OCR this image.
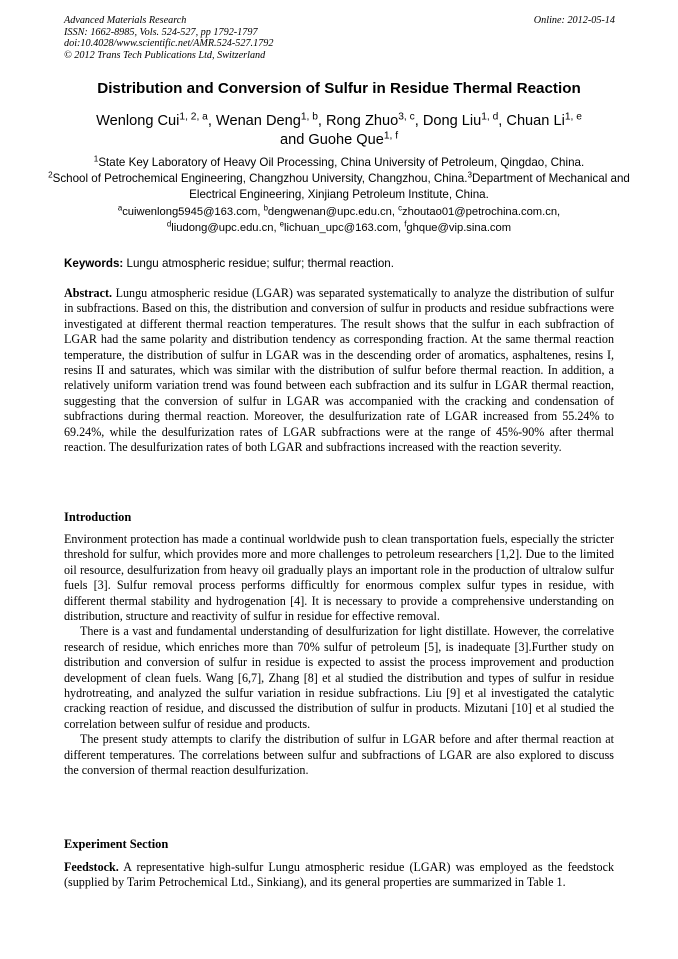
Advanced Materials Research
ISSN: 1662-8985, Vols. 524-527, pp 1792-1797
doi:10.4028/www.scientific.net/AMR.524-527.1792
© 2012 Trans Tech Publications Ltd, Switzerland
Online: 2012-05-14
Distribution and Conversion of Sulfur in Residue Thermal Reaction
Wenlong Cui$^{1, 2, a}$, Wenan Deng$^{1, b}$, Rong Zhuo$^{3, c}$, Dong Liu$^{1, d}$, Chuan Li$^{1, e}$
and Guohe Que$^{1, f}$
$^1$State Key Laboratory of Heavy Oil Processing, China University of Petroleum, Qingdao, China.
$^2$School of Petrochemical Engineering, Changzhou University, Changzhou, China.$^3$Department of Mechanical and Electrical Engineering, Xinjiang Petroleum Institute, China.
$^a$cuiwenlong5945@163.com, $^b$dengwenan@upc.edu.cn, $^c$zhoutao01@petrochina.com.cn,
$^d$liudong@upc.edu.cn, $^e$lichuan_upc@163.com, $^f$ghque@vip.sina.com
Keywords: Lungu atmospheric residue; sulfur; thermal reaction.
Abstract. Lungu atmospheric residue (LGAR) was separated systematically to analyze the distribution of sulfur in subfractions. Based on this, the distribution and conversion of sulfur in products and residue subfractions were investigated at different thermal reaction temperatures. The result shows that the sulfur in each subfraction of LGAR had the same polarity and distribution tendency as corresponding fraction. At the same thermal reaction temperature, the distribution of sulfur in LGAR was in the descending order of aromatics, asphaltenes, resins I, resins II and saturates, which was similar with the distribution of sulfur before thermal reaction. In addition, a relatively uniform variation trend was found between each subfraction and its sulfur in LGAR thermal reaction, suggesting that the conversion of sulfur in LGAR was accompanied with the cracking and condensation of subfractions during thermal reaction. Moreover, the desulfurization rate of LGAR increased from 55.24% to 69.24%, while the desulfurization rates of LGAR subfractions were at the range of 45%-90% after thermal reaction. The desulfurization rates of both LGAR and subfractions increased with the reaction severity.
Introduction

Environment protection has made a continual worldwide push to clean transportation fuels, especially the stricter threshold for sulfur, which provides more and more challenges to petroleum researchers [1,2]. Due to the limited oil resource, desulfurization from heavy oil gradually plays an important role in the production of ultralow sulfur fuels [3]. Sulfur removal process performs difficultly for enormous complex sulfur types in residue, with different thermal stability and hydrogenation [4]. It is necessary to provide a comprehensive understanding on distribution, structure and reactivity of sulfur in residue for effective removal.

There is a vast and fundamental understanding of desulfurization for light distillate. However, the correlative research of residue, which enriches more than 70% sulfur of petroleum [5], is inadequate [3].Further study on distribution and conversion of sulfur in residue is expected to assist the process improvement and production development of clean fuels. Wang [6,7], Zhang [8] et al studied the distribution and types of sulfur in residue hydrotreating, and analyzed the sulfur variation in residue subfractions. Liu [9] et al investigated the catalytic cracking reaction of residue, and discussed the distribution of sulfur in products. Mizutani [10] et al studied the correlation between sulfur of residue and products.

The present study attempts to clarify the distribution of sulfur in LGAR before and after thermal reaction at different temperatures. The correlations between sulfur and subfractions of LGAR are also explored to discuss the conversion of thermal reaction desulfurization.

Experiment Section
Feedstock. A representative high-sulfur Lungu atmospheric residue (LGAR) was employed as the feedstock (supplied by Tarim Petrochemical Ltd., Sinkiang), and its general properties are summarized in Table 1.
